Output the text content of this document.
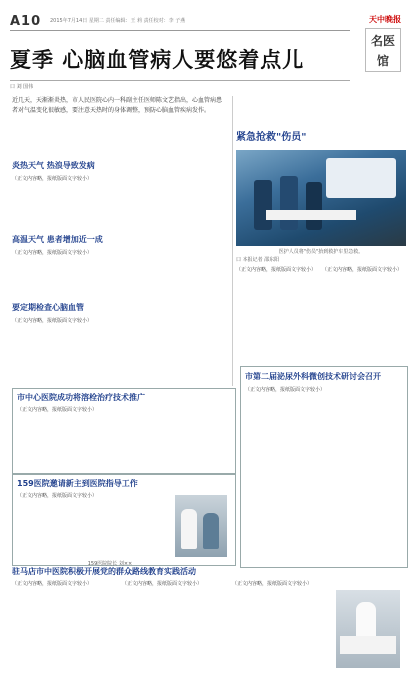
A10 2015年7月14日 星期二 责任编辑：王 莉 责任校对：李 子燕	天中晚报
名医
馆
夏季 心脑血管病人要悠着点儿
口 刘 国伟
近几天，天渐渐炎热，市人民医院心内一科副主任医师陈文艺指出，心血管病患者对气温变化很敏感，要注意天热时的身体调整，预防心脑血管疾病发作。
炎热天气 热浪导致发病
（正文内容略，报纸版面文字较小）
高温天气 患者增加近一成
（正文内容略，报纸版面文字较小）
要定期检查心脑血管
（正文内容略，报纸版面文字较小）
紧急抢救"伤员"
医护人员将"伤员"抬到救护车里急救。
口 本报记者 邵东阳
（正文内容略，报纸版面文字较小） （正文内容略，报纸版面文字较小）
市中心医院成功将溶栓治疗技术推广
（正文内容略，报纸版面文字较小）
市第二届泌尿外科微创技术研讨会召开
（正文内容略，报纸版面文字较小）
159医院邀请新主到医院指导工作
（正文内容略，报纸版面文字较小）
159医院院长 刘××
驻马店市中医院积极开展党的群众路线教育实践活动
（正文内容略，报纸版面文字较小）	（正文内容略，报纸版面文字较小）	（正文内容略，报纸版面文字较小）
